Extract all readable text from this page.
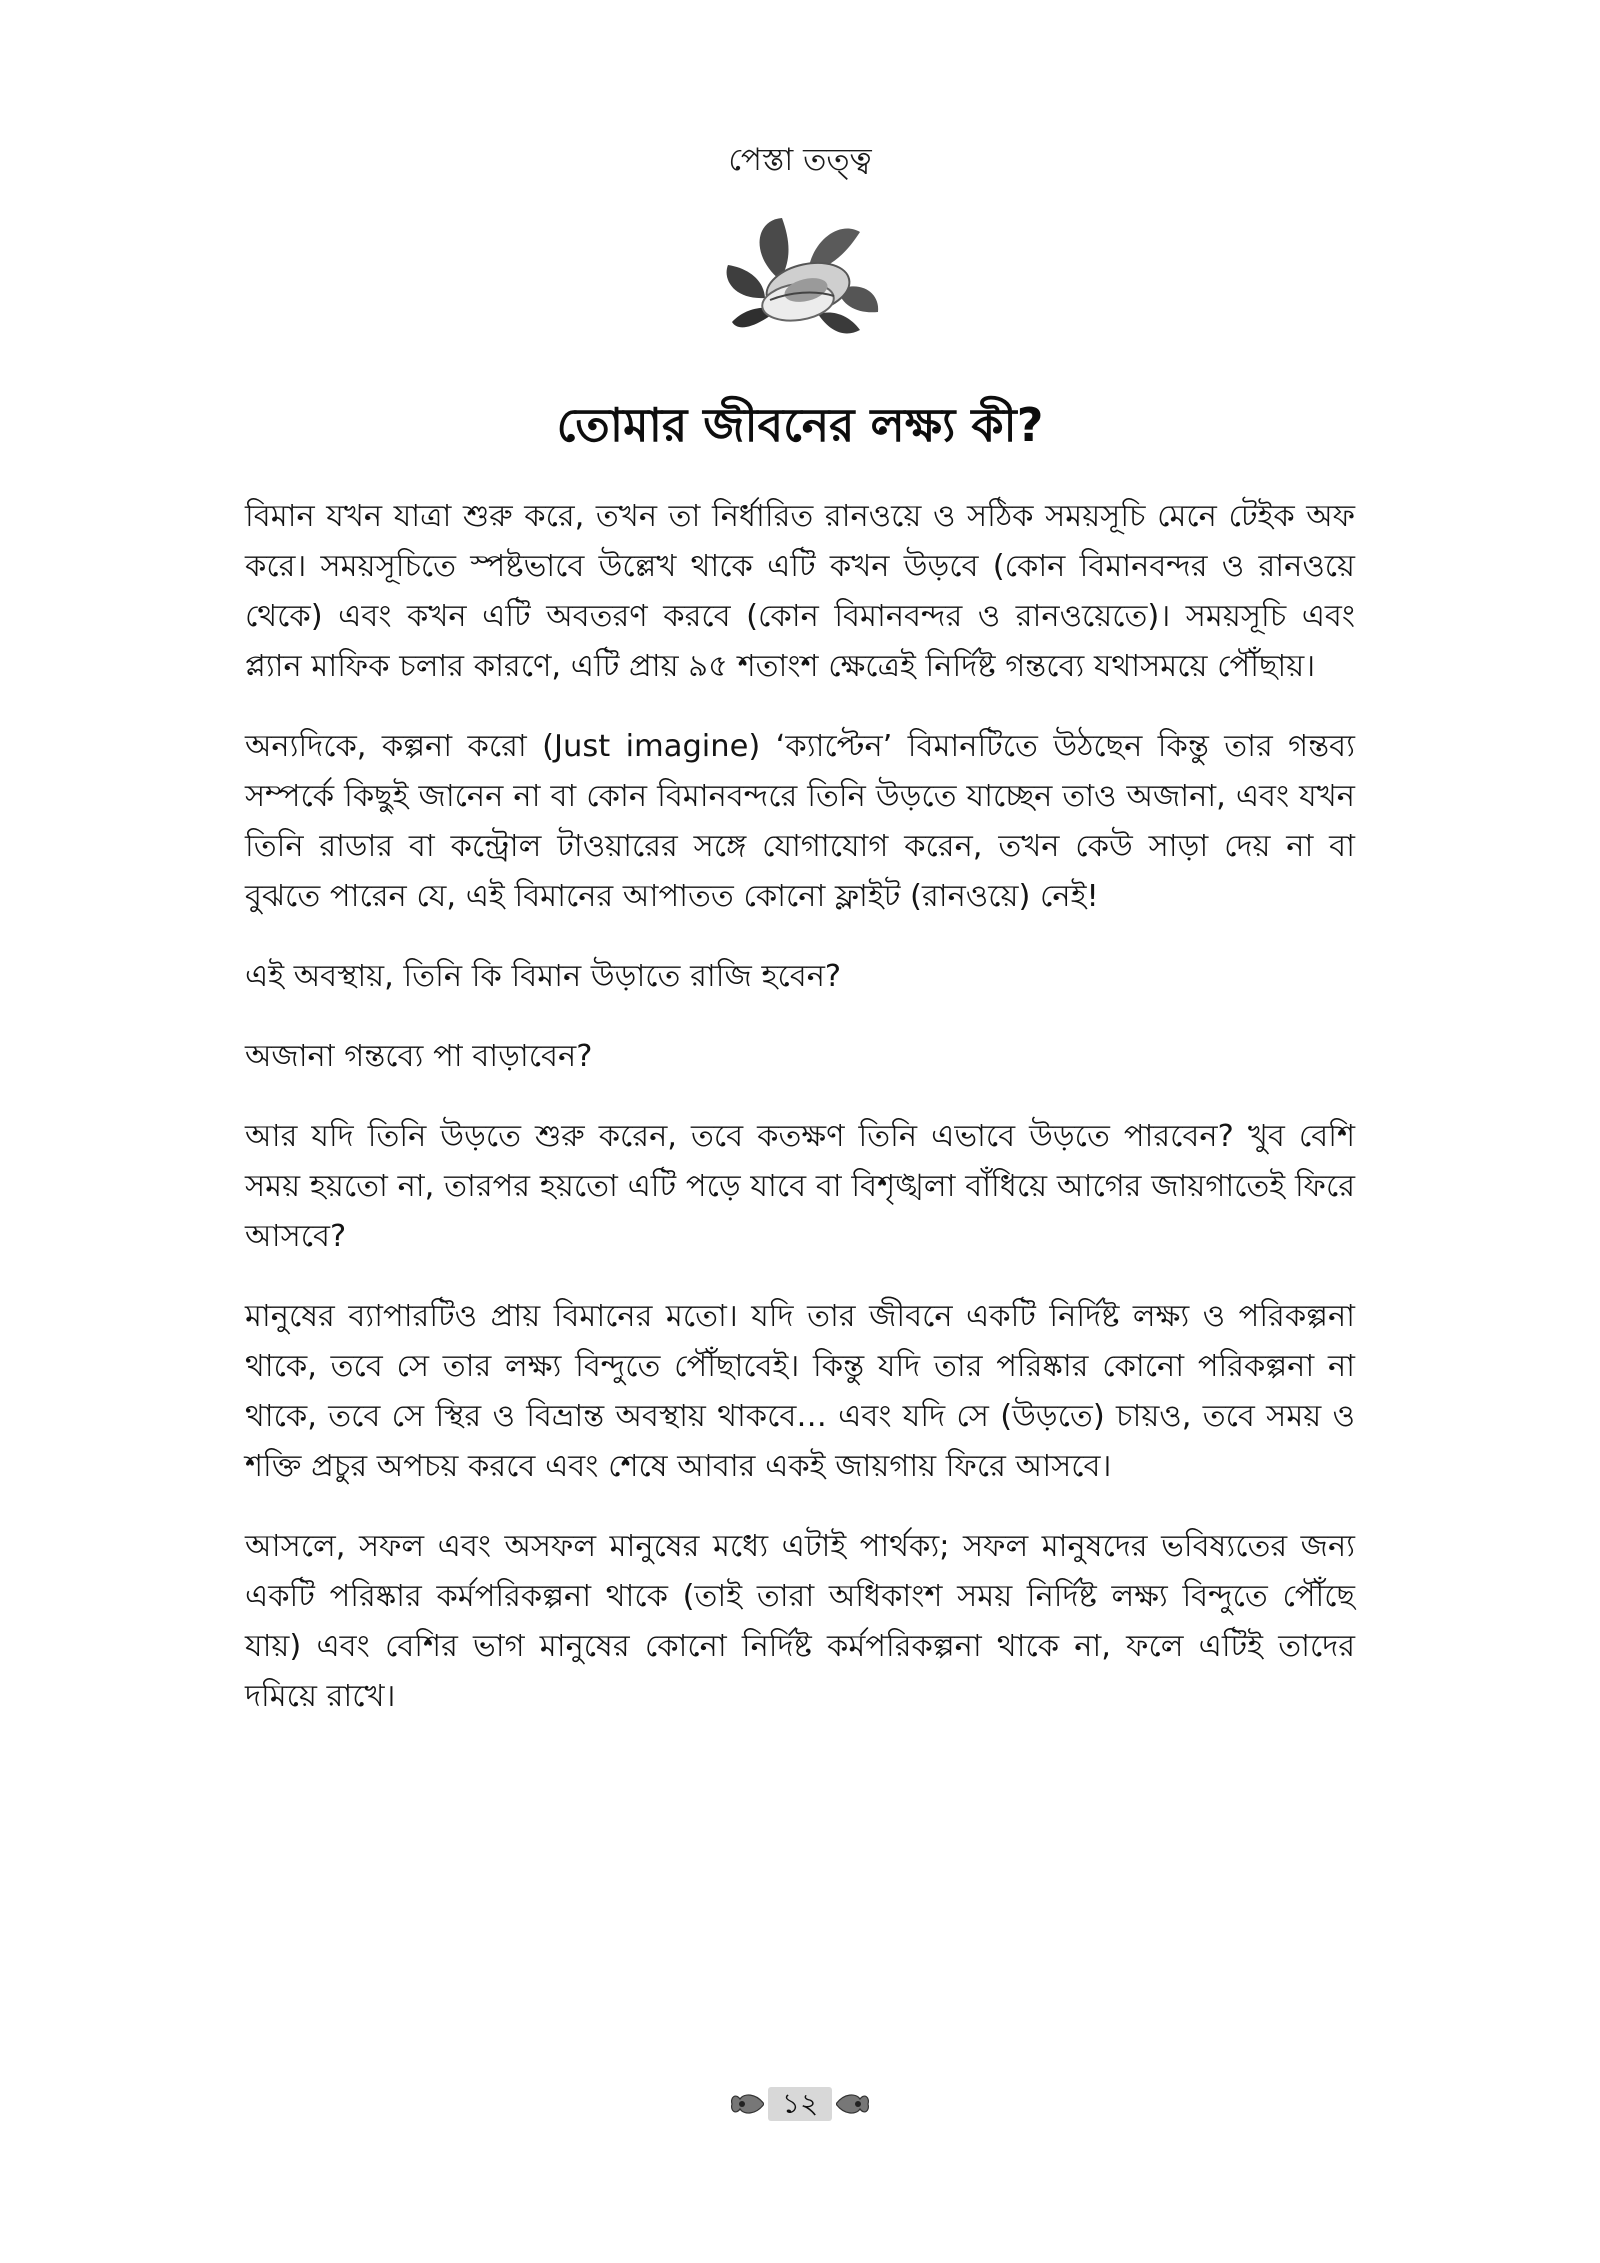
পেস্তা তত্ত্ব
তোমার জীবনের লক্ষ্য কী?

বিমান যখন যাত্রা শুরু করে, তখন তা নির্ধারিত রানওয়ে ও সঠিক সময়সূচি মেনে টেইক অফ করে। সময়সূচিতে স্পষ্টভাবে উল্লেখ থাকে এটি কখন উড়বে (কোন বিমানবন্দর ও রানওয়ে থেকে) এবং কখন এটি অবতরণ করবে (কোন বিমানবন্দর ও রানওয়েতে)। সময়সূচি এবং প্ল্যান মাফিক চলার কারণে, এটি প্রায় ৯৫ শতাংশ ক্ষেত্রেই নির্দিষ্ট গন্তব্যে যথাসময়ে পৌঁছায়।

অন্যদিকে, কল্পনা করো (Just imagine) ‘ক্যাপ্টেন’ বিমানটিতে উঠছেন কিন্তু তার গন্তব্য সম্পর্কে কিছুই জানেন না বা কোন বিমানবন্দরে তিনি উড়তে যাচ্ছেন তাও অজানা, এবং যখন তিনি রাডার বা কন্ট্রোল টাওয়ারের সঙ্গে যোগাযোগ করেন, তখন কেউ সাড়া দেয় না বা বুঝতে পারেন যে, এই বিমানের আপাতত কোনো ফ্লাইট (রানওয়ে) নেই!

এই অবস্থায়, তিনি কি বিমান উড়াতে রাজি হবেন?

অজানা গন্তব্যে পা বাড়াবেন?

আর যদি তিনি উড়তে শুরু করেন, তবে কতক্ষণ তিনি এভাবে উড়তে পারবেন? খুব বেশি সময় হয়তো না, তারপর হয়তো এটি পড়ে যাবে বা বিশৃঙ্খলা বাঁধিয়ে আগের জায়গাতেই ফিরে আসবে?

মানুষের ব্যাপারটিও প্রায় বিমানের মতো। যদি তার জীবনে একটি নির্দিষ্ট লক্ষ্য ও পরিকল্পনা থাকে, তবে সে তার লক্ষ্য বিন্দুতে পৌঁছাবেই। কিন্তু যদি তার পরিষ্কার কোনো পরিকল্পনা না থাকে, তবে সে স্থির ও বিভ্রান্ত অবস্থায় থাকবে… এবং যদি সে (উড়তে) চায়ও, তবে সময় ও শক্তি প্রচুর অপচয় করবে এবং শেষে আবার একই জায়গায় ফিরে আসবে।

আসলে, সফল এবং অসফল মানুষের মধ্যে এটাই পার্থক্য; সফল মানুষদের ভবিষ্যতের জন্য একটি পরিষ্কার কর্মপরিকল্পনা থাকে (তাই তারা অধিকাংশ সময় নির্দিষ্ট লক্ষ্য বিন্দুতে পৌঁছে যায়) এবং বেশির ভাগ মানুষের কোনো নির্দিষ্ট কর্মপরিকল্পনা থাকে না, ফলে এটিই তাদের দমিয়ে রাখে।

১২
